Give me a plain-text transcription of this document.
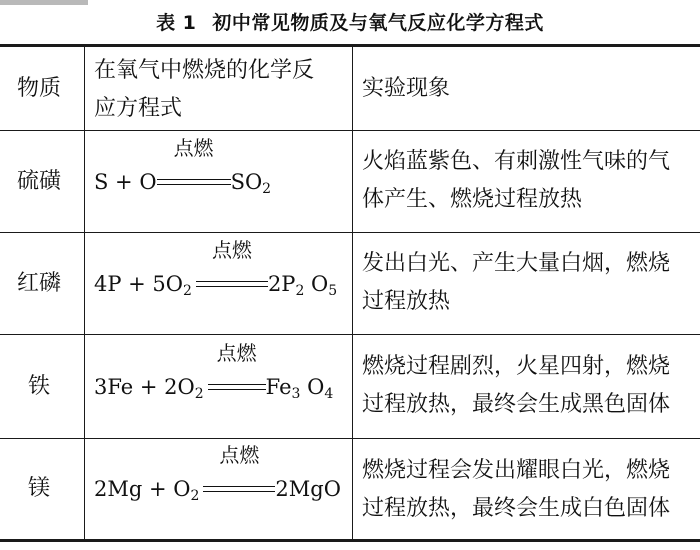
表 1 初中常见物质及与氧气反应化学方程式
物质
在氧气中燃烧的化学反
应方程式
实验现象
硫磺 S + O
点燃
$SO_2$
火焰蓝紫色、有刺激性气味的气
体产生、燃烧过程放热
红磷 $4P + 5O_2$
点燃
$2P_2$ $O_5$
发出白光、产生大量白烟，燃烧
过程放热
铁 $3Fe + 2O_2$
点燃
$Fe_3$ $O_4$
燃烧过程剧烈，火星四射，燃烧
过程放热，最终会生成黑色固体
镁 $2Mg + O_2$
点燃
2MgO
燃烧过程会发出耀眼白光，燃烧
过程放热，最终会生成白色固体
